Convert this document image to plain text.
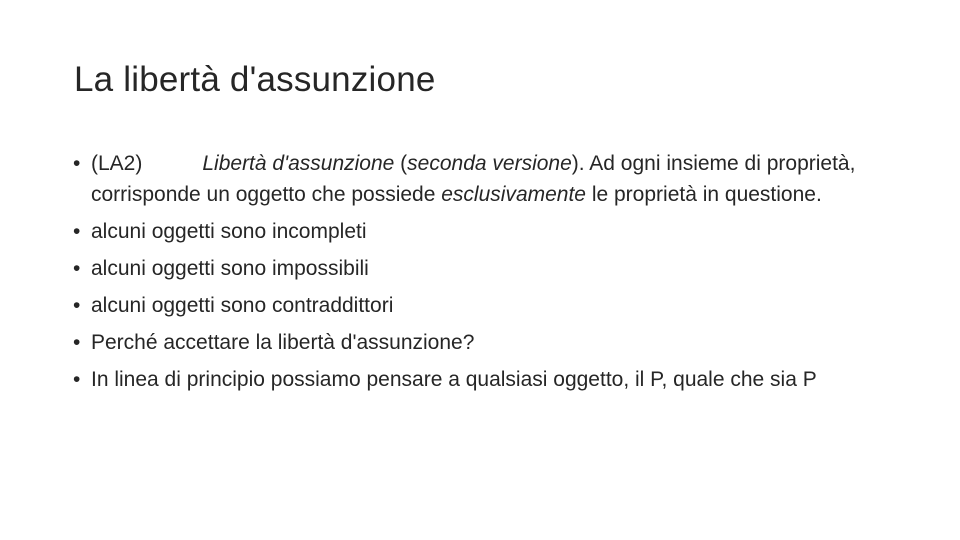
La libertà d'assunzione
• (LA2)	Libertà d'assunzione (seconda versione). Ad ogni insieme di proprietà, corrisponde un oggetto che possiede esclusivamente le proprietà in questione.
• alcuni oggetti sono incompleti
• alcuni oggetti sono impossibili
• alcuni oggetti sono contraddittori
• Perché accettare la libertà d'assunzione?
• In linea di principio possiamo pensare a qualsiasi oggetto, il P, quale che sia P
